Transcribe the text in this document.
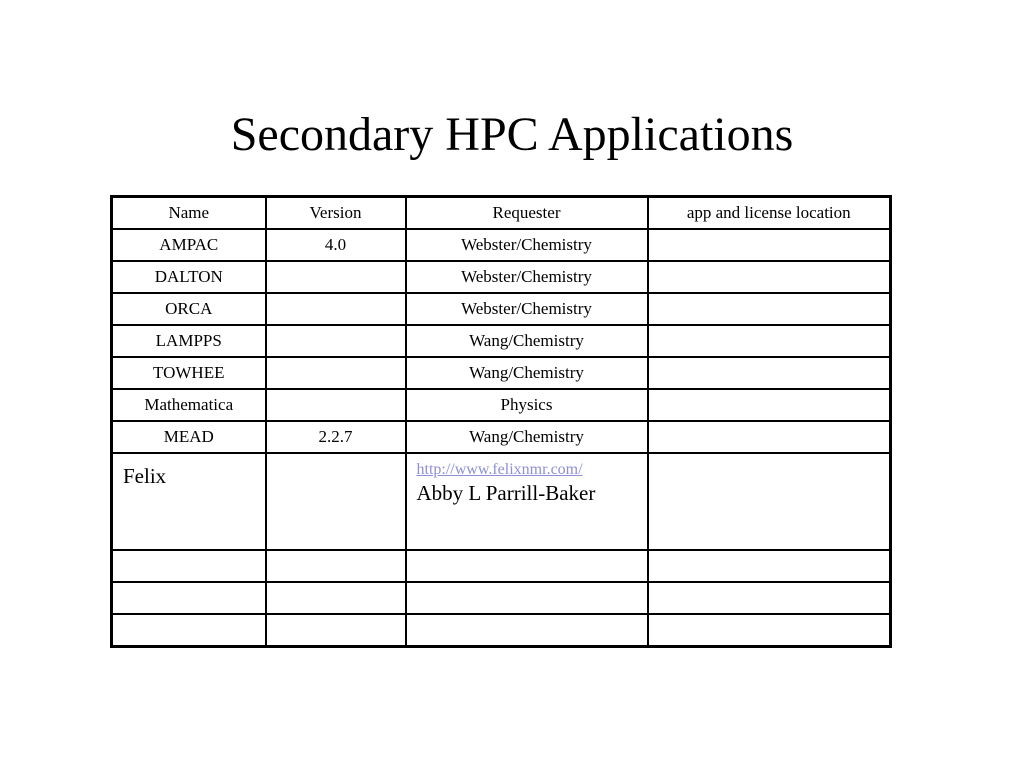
Secondary HPC Applications
Name	Version	Requester	app and license location
AMPAC	4.0	Webster/Chemistry	
DALTON		Webster/Chemistry	
ORCA		Webster/Chemistry	
LAMPPS		Wang/Chemistry	
TOWHEE		Wang/Chemistry	
Mathematica		Physics	
MEAD	2.2.7	Wang/Chemistry	
Felix		http://www.felixnmr.com/
Abby L Parrill-Baker	
